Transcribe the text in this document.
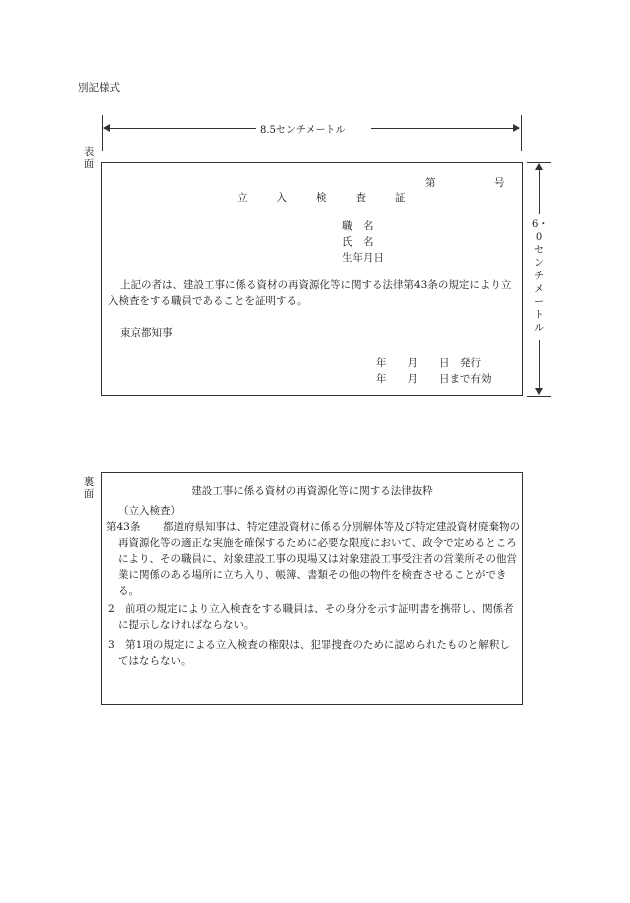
別記様式
8.5センチメートル
表面
第	号
立入検査証
職　名
氏　名
生年月日
上記の者は、建設工事に係る資材の再資源化等に関する法律第43条の規定により立入検査をする職員であることを証明する。
東京都知事
年　　月　　日　発行
年　　月　　日まで有効
6・0センチメートル
裏面	建設工事に係る資材の再資源化等に関する法律抜粋
（立入検査）
第43条	都道府県知事は、特定建設資材に係る分別解体等及び特定建設資材廃棄物の再資源化等の適正な実施を確保するために必要な限度において、政令で定めるところにより、その職員に、対象建設工事の現場又は対象建設工事受注者の営業所その他営業に関係のある場所に立ち入り、帳簿、書類その他の物件を検査させることができる。
2　前項の規定により立入検査をする職員は、その身分を示す証明書を携帯し、関係者に提示しなければならない。
3　第1項の規定による立入検査の権限は、犯罪捜査のために認められたものと解釈してはならない。
